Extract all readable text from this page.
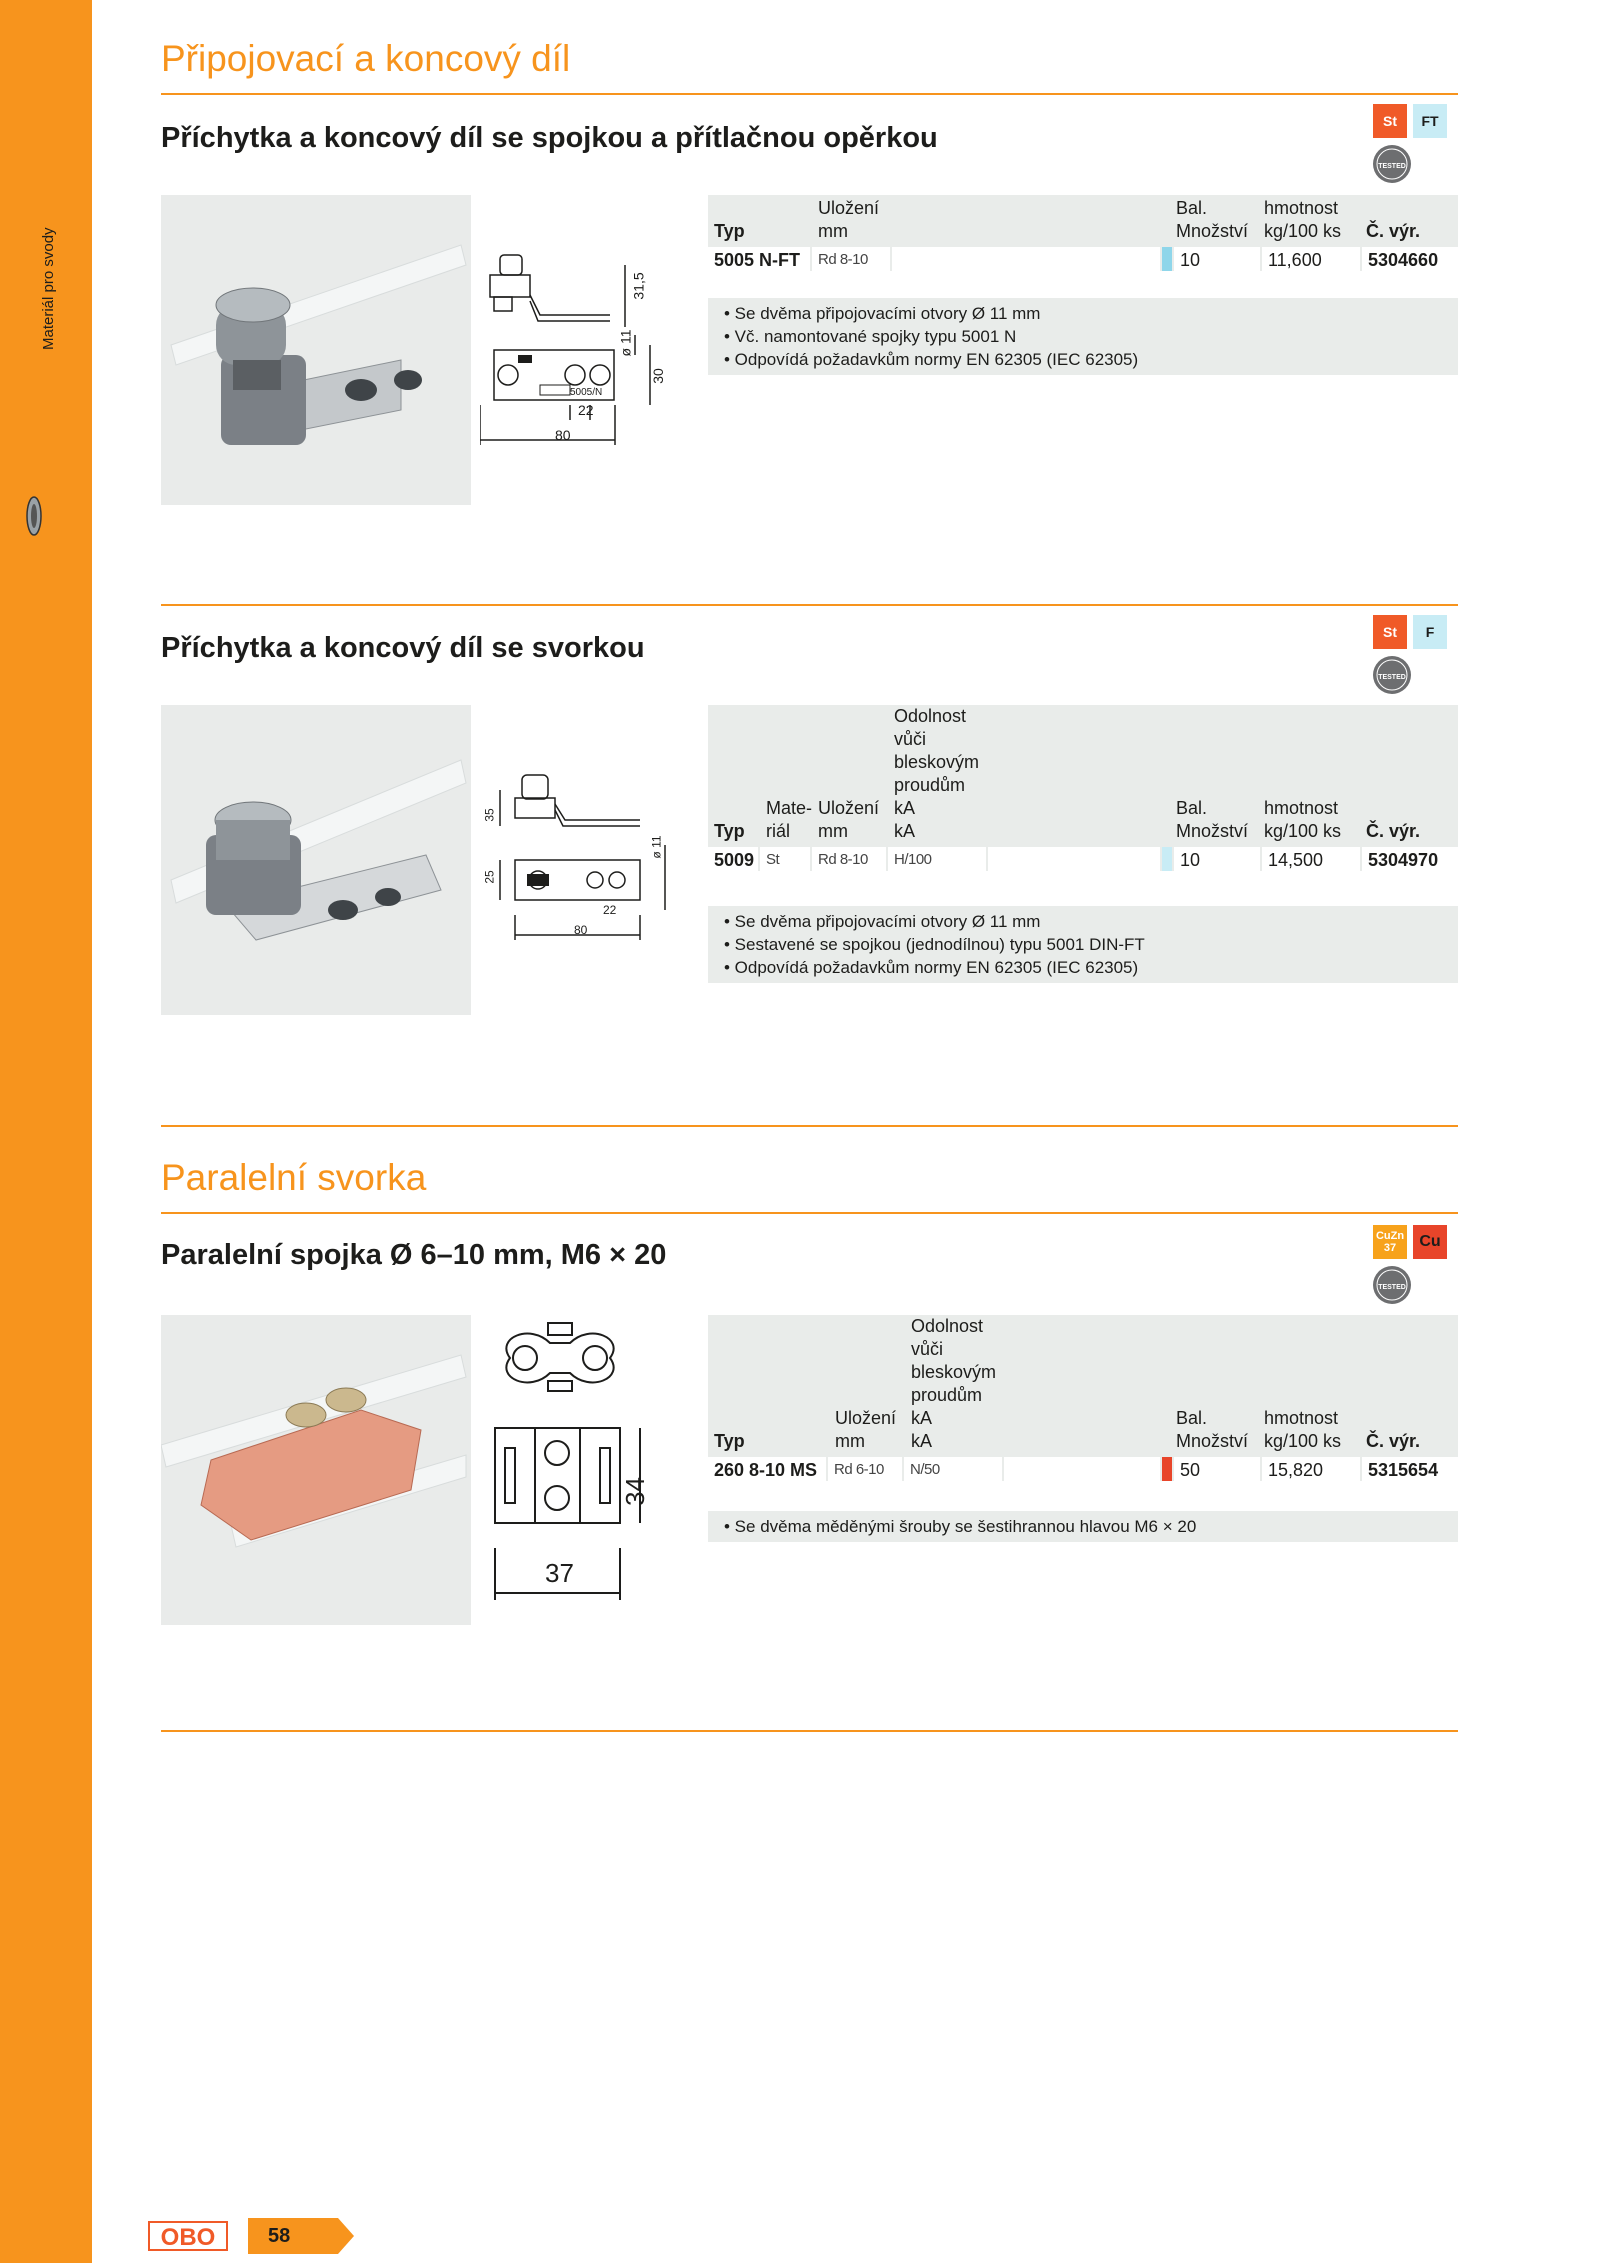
Materiál pro svody
Připojovací a koncový díl
Příchytka a koncový díl se spojkou a přítlačnou opěrkou
St	FT
TESTED
31,5
ø 11
30
22
80
5005/N
Typ
Uložení
mm
Bal.
Množství
hmotnost
kg/100 ks Č. výr.
5005 N-FT	Rd 8-10	10	11,600	5304660
• Se dvěma připojovacími otvory Ø 11 mm
• Vč. namontované spojky typu 5001 N
• Odpovídá požadavkům normy EN 62305 (IEC 62305)
Příchytka a koncový díl se svorkou	St	F
TESTED
35
25
ø 11
22
80
Typ
Mate-
riál
Uložení
mm
Odolnost
vůči
bleskovým
proudům
kA
kA
Bal.
Množství
hmotnost
kg/100 ks Č. výr.
5009 St	Rd 8-10	H/100	10	14,500	5304970
• Se dvěma připojovacími otvory Ø 11 mm
• Sestavené se spojkou (jednodílnou) typu 5001 DIN-FT
• Odpovídá požadavkům normy EN 62305 (IEC 62305)
Paralelní svorka
Paralelní spojka Ø 6–10 mm, M6 × 20
CuZn 37	Cu
TESTED
34
37
Typ
Uložení
mm
Odolnost
vůči
bleskovým
proudům
kA
kA
Bal.
Množství
hmotnost
kg/100 ks Č. výr.
260 8-10 MS	Rd 6-10	N/50	50	15,820	5315654
• Se dvěma měděnými šrouby se šestihrannou hlavou M6 × 20
OBO	58
